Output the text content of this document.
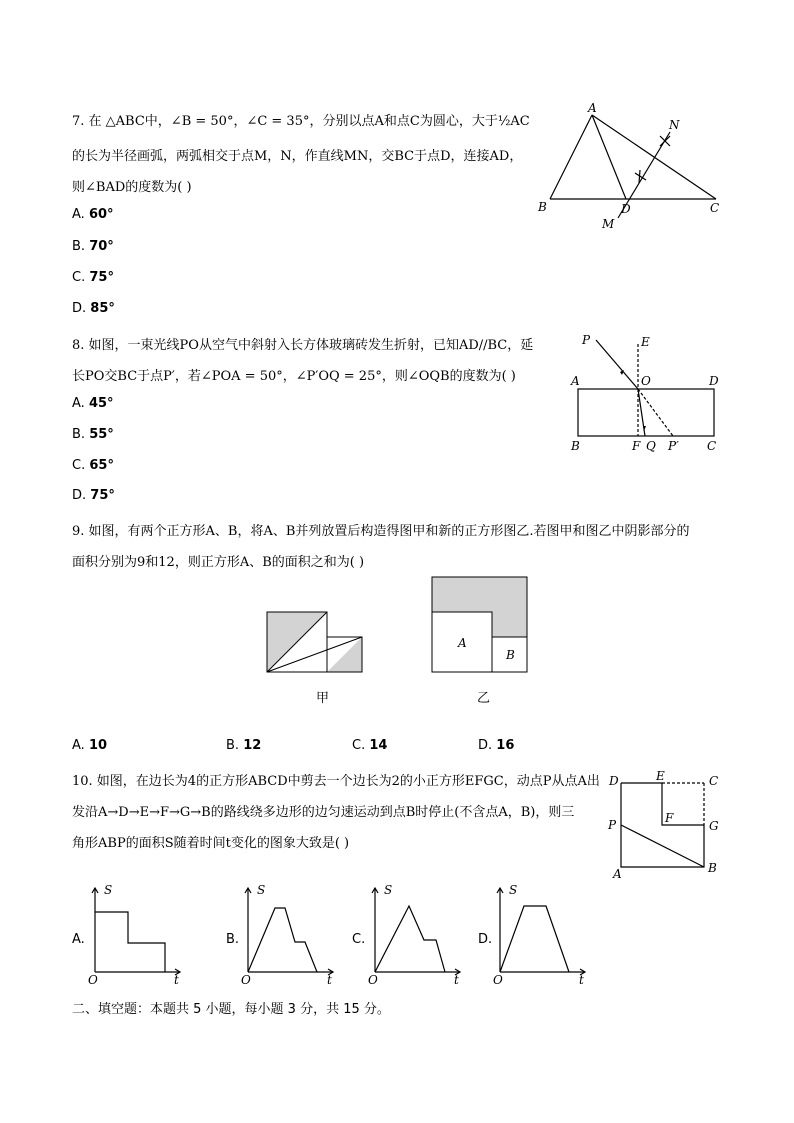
7. 在 △ABC中，∠B = 50°，∠C = 35°，分别以点A和点C为圆心，大于½AC
的长为半径画弧，两弧相交于点M，N，作直线MN，交BC于点D，连接AD，
则∠BAD的度数为( )
A. 60°
B. 70°
C. 75°
D. 85°
A
B	C
D
M
N
8. 如图，一束光线PO从空气中斜射入长方体玻璃砖发生折射，已知AD//BC，延
长PO交BC于点P′，若∠POA = 50°，∠P′OQ = 25°，则∠OQB的度数为( )
A. 45°
B. 55°
C. 65°
D. 75°
P	E
A	O	D
B	F Q P′ C
9. 如图，有两个正方形A、B，将A、B并列放置后构造得图甲和新的正方形图乙.若图甲和图乙中阴影部分的
面积分别为9和12，则正方形A、B的面积之和为( )
A
B
甲	乙
A. 10	B. 12	C. 14	D. 16
10. 如图，在边长为4的正方形ABCD中剪去一个边长为2的小正方形EFGC，动点P从点A出
发沿A→D→E→F→G→B的路线绕多边形的边匀速运动到点B时停止(不含点A，B)，则三
角形ABP的面积S随着时间t变化的图象大致是( )
D	E	C
F
G
P
A	B
A.	B.	C.	D.
S
O	t
S
O	t
S
O	t
S
O	t
二、填空题：本题共 5 小题，每小题 3 分，共 15 分。
